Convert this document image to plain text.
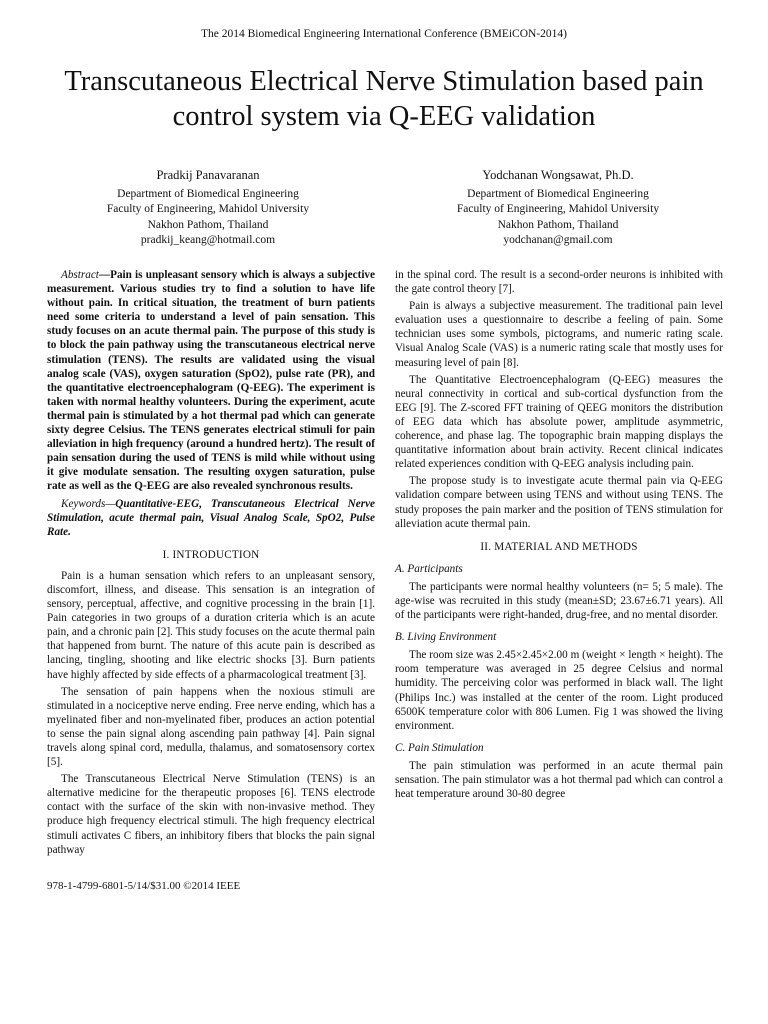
The 2014 Biomedical Engineering International Conference (BMEiCON-2014)
Transcutaneous Electrical Nerve Stimulation based pain control system via Q-EEG validation
Pradkij Panavaranan
Department of Biomedical Engineering
Faculty of Engineering, Mahidol University
Nakhon Pathom, Thailand
pradkij_keang@hotmail.com
Yodchanan Wongsawat, Ph.D.
Department of Biomedical Engineering
Faculty of Engineering, Mahidol University
Nakhon Pathom, Thailand
yodchanan@gmail.com

Abstract—Pain is unpleasant sensory which is always a subjective measurement. Various studies try to find a solution to have life without pain. In critical situation, the treatment of burn patients need some criteria to understand a level of pain sensation. This study focuses on an acute thermal pain. The purpose of this study is to block the pain pathway using the transcutaneous electrical nerve stimulation (TENS). The results are validated using the visual analog scale (VAS), oxygen saturation (SpO2), pulse rate (PR), and the quantitative electroencephalogram (Q-EEG). The experiment is taken with normal healthy volunteers. During the experiment, acute thermal pain is stimulated by a hot thermal pad which can generate sixty degree Celsius. The TENS generates electrical stimuli for pain alleviation in high frequency (around a hundred hertz). The result of pain sensation during the used of TENS is mild while without using it give modulate sensation. The resulting oxygen saturation, pulse rate as well as the Q-EEG are also revealed synchronous results.

Keywords—Quantitative-EEG, Transcutaneous Electrical Nerve Stimulation, acute thermal pain, Visual Analog Scale, SpO2, Pulse Rate.

I. INTRODUCTION

Pain is a human sensation which refers to an unpleasant sensory, discomfort, illness, and disease. This sensation is an integration of sensory, perceptual, affective, and cognitive processing in the brain [1]. Pain categories in two groups of a duration criteria which is an acute pain, and a chronic pain [2]. This study focuses on the acute thermal pain that happened from burnt. The nature of this acute pain is described as lancing, tingling, shooting and like electric shocks [3]. Burn patients have highly affected by side effects of a pharmacological treatment [3].

The sensation of pain happens when the noxious stimuli are stimulated in a nociceptive nerve ending. Free nerve ending, which has a myelinated fiber and non-myelinated fiber, produces an action potential to sense the pain signal along ascending pain pathway [4]. Pain signal travels along spinal cord, medulla, thalamus, and somatosensory cortex [5].

The Transcutaneous Electrical Nerve Stimulation (TENS) is an alternative medicine for the therapeutic proposes [6]. TENS electrode contact with the surface of the skin with non-invasive method. They produce high frequency electrical stimuli. The high frequency electrical stimuli activates C fibers, an inhibitory fibers that blocks the pain signal pathway

in the spinal cord. The result is a second-order neurons is inhibited with the gate control theory [7].

Pain is always a subjective measurement. The traditional pain level evaluation uses a questionnaire to describe a feeling of pain. Some technician uses some symbols, pictograms, and numeric rating scale. Visual Analog Scale (VAS) is a numeric rating scale that mostly uses for measuring level of pain [8].

The Quantitative Electroencephalogram (Q-EEG) measures the neural connectivity in cortical and sub-cortical dysfunction from the EEG [9]. The Z-scored FFT training of QEEG monitors the distribution of EEG data which has absolute power, amplitude asymmetric, coherence, and phase lag. The topographic brain mapping displays the quantitative information about brain activity. Recent clinical indicates related experiences condition with Q-EEG analysis including pain.

The propose study is to investigate acute thermal pain via Q-EEG validation compare between using TENS and without using TENS. The study proposes the pain marker and the position of TENS stimulation for alleviation acute thermal pain.

II. MATERIAL AND METHODS
A. Participants

The participants were normal healthy volunteers (n= 5; 5 male). The age-wise was recruited in this study (mean±SD; 23.67±6.71 years). All of the participants were right-handed, drug-free, and no mental disorder.

B. Living Environment

The room size was 2.45×2.45×2.00 m (weight × length × height). The room temperature was averaged in 25 degree Celsius and normal humidity. The perceiving color was performed in black wall. The light (Philips Inc.) was installed at the center of the room. Light produced 6500K temperature color with 806 Lumen. Fig 1 was showed the living environment.

C. Pain Stimulation

The pain stimulation was performed in an acute thermal pain sensation. The pain stimulator was a hot thermal pad which can control a heat temperature around 30-80 degree

978-1-4799-6801-5/14/$31.00 ©2014 IEEE
